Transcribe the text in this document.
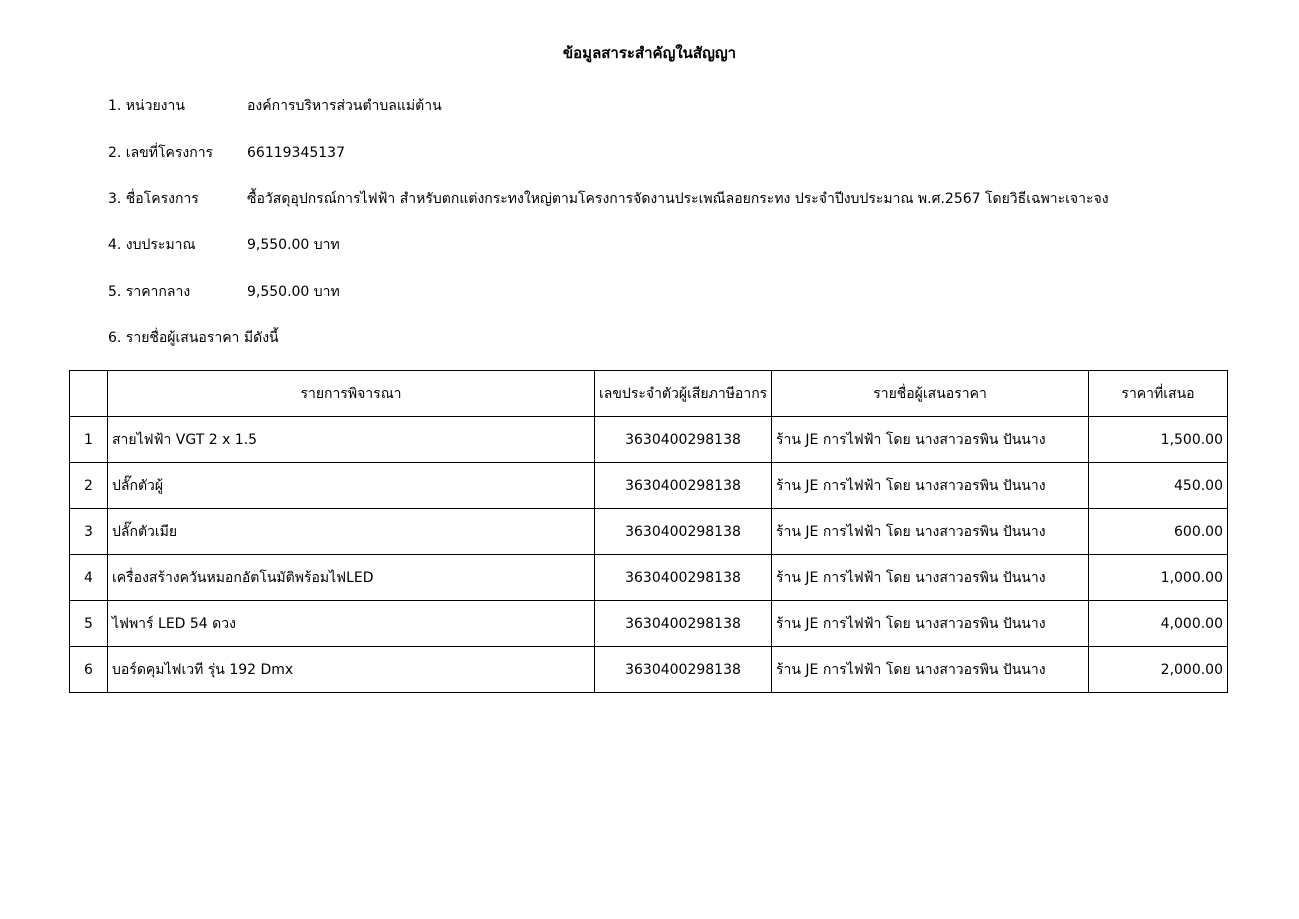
ข้อมูลสาระสำคัญในสัญญา
1. หน่วยงาน	องค์การบริหารส่วนตำบลแม่ต้าน
2. เลขที่โครงการ 66119345137
3. ชื่อโครงการ	ซื้อวัสดุอุปกรณ์การไฟฟ้า สำหรับตกแต่งกระทงใหญ่ตามโครงการจัดงานประเพณีลอยกระทง ประจำปีงบประมาณ พ.ศ.2567 โดยวิธีเฉพาะเจาะจง
4. งบประมาณ	9,550.00 บาท
5. ราคากลาง	9,550.00 บาท
6. รายชื่อผู้เสนอราคา มีดังนี้
	รายการพิจารณา	เลขประจำตัวผู้เสียภาษีอากร	รายชื่อผู้เสนอราคา	ราคาที่เสนอ
1	สายไฟฟ้า VGT 2 x 1.5	3630400298138	ร้าน JE การไฟฟ้า โดย นางสาวอรพิน ปันนาง	1,500.00
2	ปลั๊กตัวผู้	3630400298138	ร้าน JE การไฟฟ้า โดย นางสาวอรพิน ปันนาง	450.00
3	ปลั๊กตัวเมีย	3630400298138	ร้าน JE การไฟฟ้า โดย นางสาวอรพิน ปันนาง	600.00
4	เครื่องสร้างควันหมอกอัตโนมัติพร้อมไฟLED	3630400298138	ร้าน JE การไฟฟ้า โดย นางสาวอรพิน ปันนาง	1,000.00
5	ไฟพาร์ LED 54 ดวง	3630400298138	ร้าน JE การไฟฟ้า โดย นางสาวอรพิน ปันนาง	4,000.00
6	บอร์ดคุมไฟเวที รุ่น 192 Dmx	3630400298138	ร้าน JE การไฟฟ้า โดย นางสาวอรพิน ปันนาง	2,000.00
